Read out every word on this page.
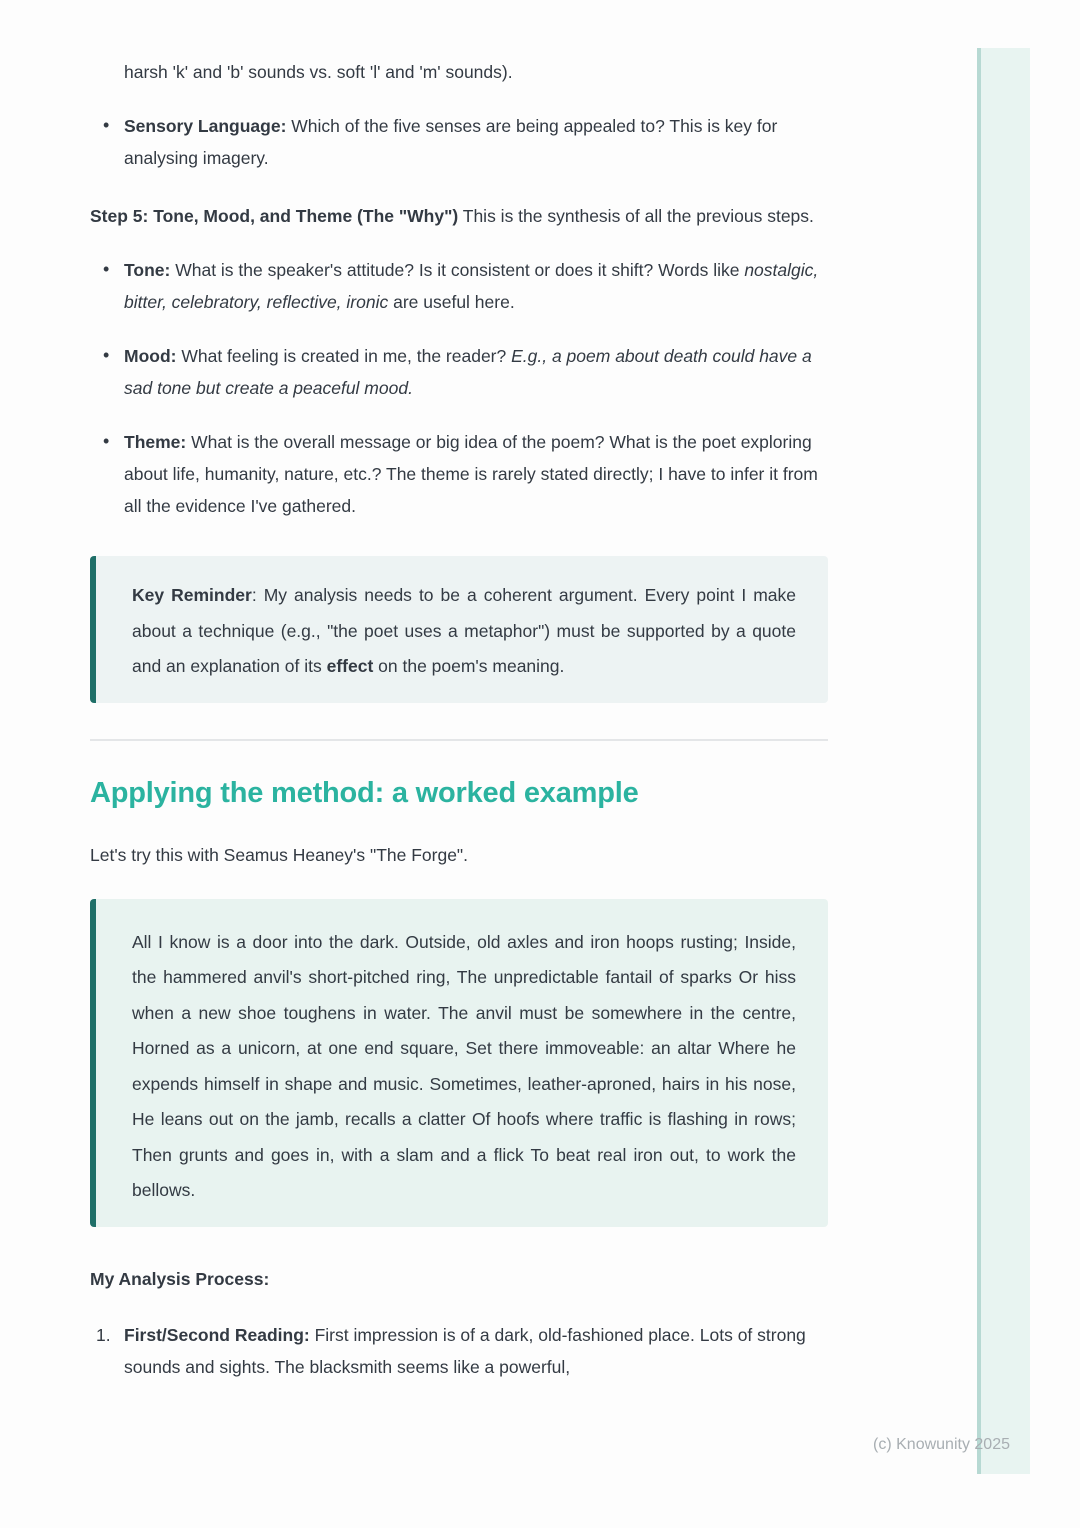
harsh 'k' and 'b' sounds vs. soft 'l' and 'm' sounds).

• Sensory Language: Which of the five senses are being appealed to? This is key for analysing imagery.

Step 5: Tone, Mood, and Theme (The "Why") This is the synthesis of all the previous steps.

• Tone: What is the speaker's attitude? Is it consistent or does it shift? Words like nostalgic, bitter, celebratory, reflective, ironic are useful here.
• Mood: What feeling is created in me, the reader? E.g., a poem about death could have a sad tone but create a peaceful mood.
• Theme: What is the overall message or big idea of the poem? What is the poet exploring about life, humanity, nature, etc.? The theme is rarely stated directly; I have to infer it from all the evidence I've gathered.
Key Reminder: My analysis needs to be a coherent argument. Every point I make about a technique (e.g., "the poet uses a metaphor") must be supported by a quote and an explanation of its effect on the poem's meaning.
Applying the method: a worked example

Let's try this with Seamus Heaney's "The Forge".

All I know is a door into the dark. Outside, old axles and iron hoops rusting; Inside, the hammered anvil's short-pitched ring, The unpredictable fantail of sparks Or hiss when a new shoe toughens in water. The anvil must be somewhere in the centre, Horned as a unicorn, at one end square, Set there immoveable: an altar Where he expends himself in shape and music. Sometimes, leather-aproned, hairs in his nose, He leans out on the jamb, recalls a clatter Of hoofs where traffic is flashing in rows; Then grunts and goes in, with a slam and a flick To beat real iron out, to work the bellows.

My Analysis Process:

1. First/Second Reading: First impression is of a dark, old-fashioned place. Lots of strong sounds and sights. The blacksmith seems like a powerful,
(c) Knowunity 2025
